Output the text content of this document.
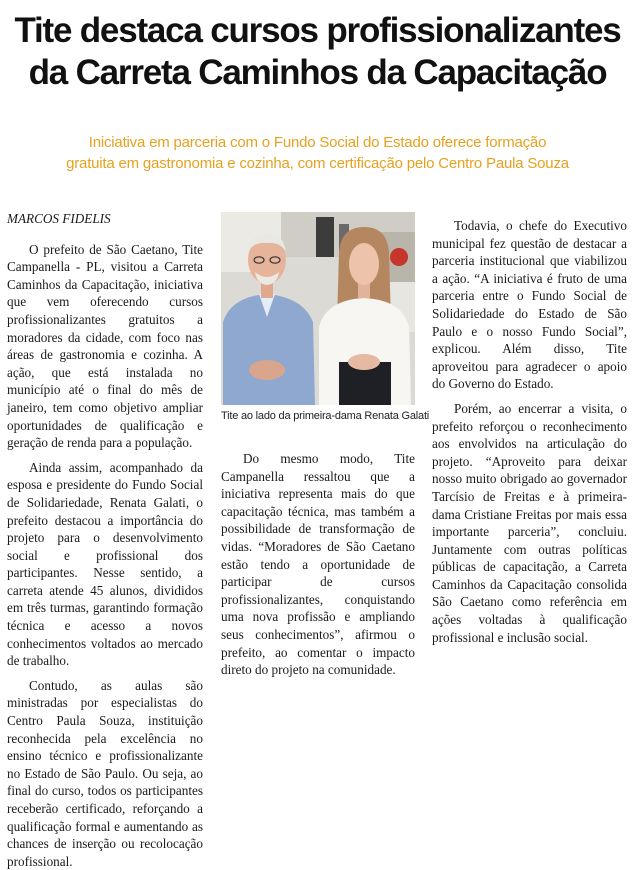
Tite destaca cursos profissionalizantes
da Carreta Caminhos da Capacitação
Iniciativa em parceria com o Fundo Social do Estado oferece formação
gratuita em gastronomia e cozinha, com certificação pelo Centro Paula Souza

MARCOS FIDELIS

O prefeito de São Caetano, Tite Campanella - PL, visitou a Carreta Caminhos da Capacitação, iniciativa que vem oferecendo cursos profissionalizantes gratuitos a moradores da cidade, com foco nas áreas de gastronomia e cozinha. A ação, que está instalada no município até o final do mês de janeiro, tem como objetivo ampliar oportunidades de qualificação e geração de renda para a população.

Ainda assim, acompanhado da esposa e presidente do Fundo Social de Solidariedade, Renata Galati, o prefeito destacou a importância do projeto para o desenvolvimento social e profissional dos participantes. Nesse sentido, a carreta atende 45 alunos, divididos em três turmas, garantindo formação técnica e acesso a novos conhecimentos voltados ao mercado de trabalho.

Contudo, as aulas são ministradas por especialistas do Centro Paula Souza, instituição reconhecida pela excelência no ensino técnico e profissionalizante no Estado de São Paulo. Ou seja, ao final do curso, todos os participantes receberão certificado, reforçando a qualificação formal e aumentando as chances de inserção ou recolocação profissional.

Tite ao lado da primeira-dama Renata Galati

Do mesmo modo, Tite Campanella ressaltou que a iniciativa representa mais do que capacitação técnica, mas também a possibilidade de transformação de vidas. “Moradores de São Caetano estão tendo a oportunidade de participar de cursos profissionalizantes, conquistando uma nova profissão e ampliando seus conhecimentos”, afirmou o prefeito, ao comentar o impacto direto do projeto na comunidade.

Todavia, o chefe do Executivo municipal fez questão de destacar a parceria institucional que viabilizou a ação. “A iniciativa é fruto de uma parceria entre o Fundo Social de Solidariedade do Estado de São Paulo e o nosso Fundo Social”, explicou. Além disso, Tite aproveitou para agradecer o apoio do Governo do Estado.

Porém, ao encerrar a visita, o prefeito reforçou o reconhecimento aos envolvidos na articulação do projeto. “Aproveito para deixar nosso muito obrigado ao governador Tarcísio de Freitas e à primeira-dama Cristiane Freitas por mais essa importante parceria”, concluiu. Juntamente com outras políticas públicas de capacitação, a Carreta Caminhos da Capacitação consolida São Caetano como referência em ações voltadas à qualificação profissional e inclusão social.
